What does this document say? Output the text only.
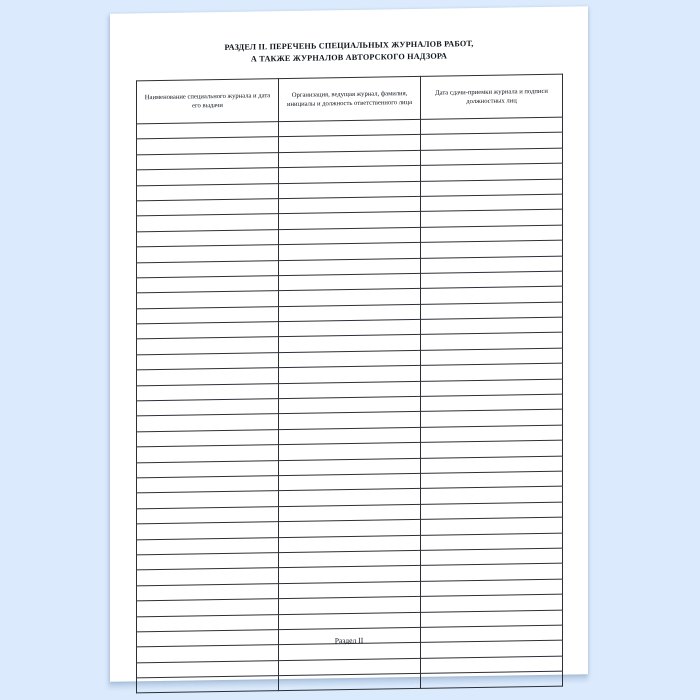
РАЗДЕЛ II. ПЕРЕЧЕНЬ СПЕЦИАЛЬНЫХ ЖУРНАЛОВ РАБОТ,
А ТАКЖЕ ЖУРНАЛОВ АВТОРСКОГО НАДЗОРА
Наименование специального журнала и дата его выдачи	Организация, ведущая журнал, фамилия, инициалы и должность ответственного лица	Дата сдачи-приемки журнала и подписи должностных лиц

Раздел II
